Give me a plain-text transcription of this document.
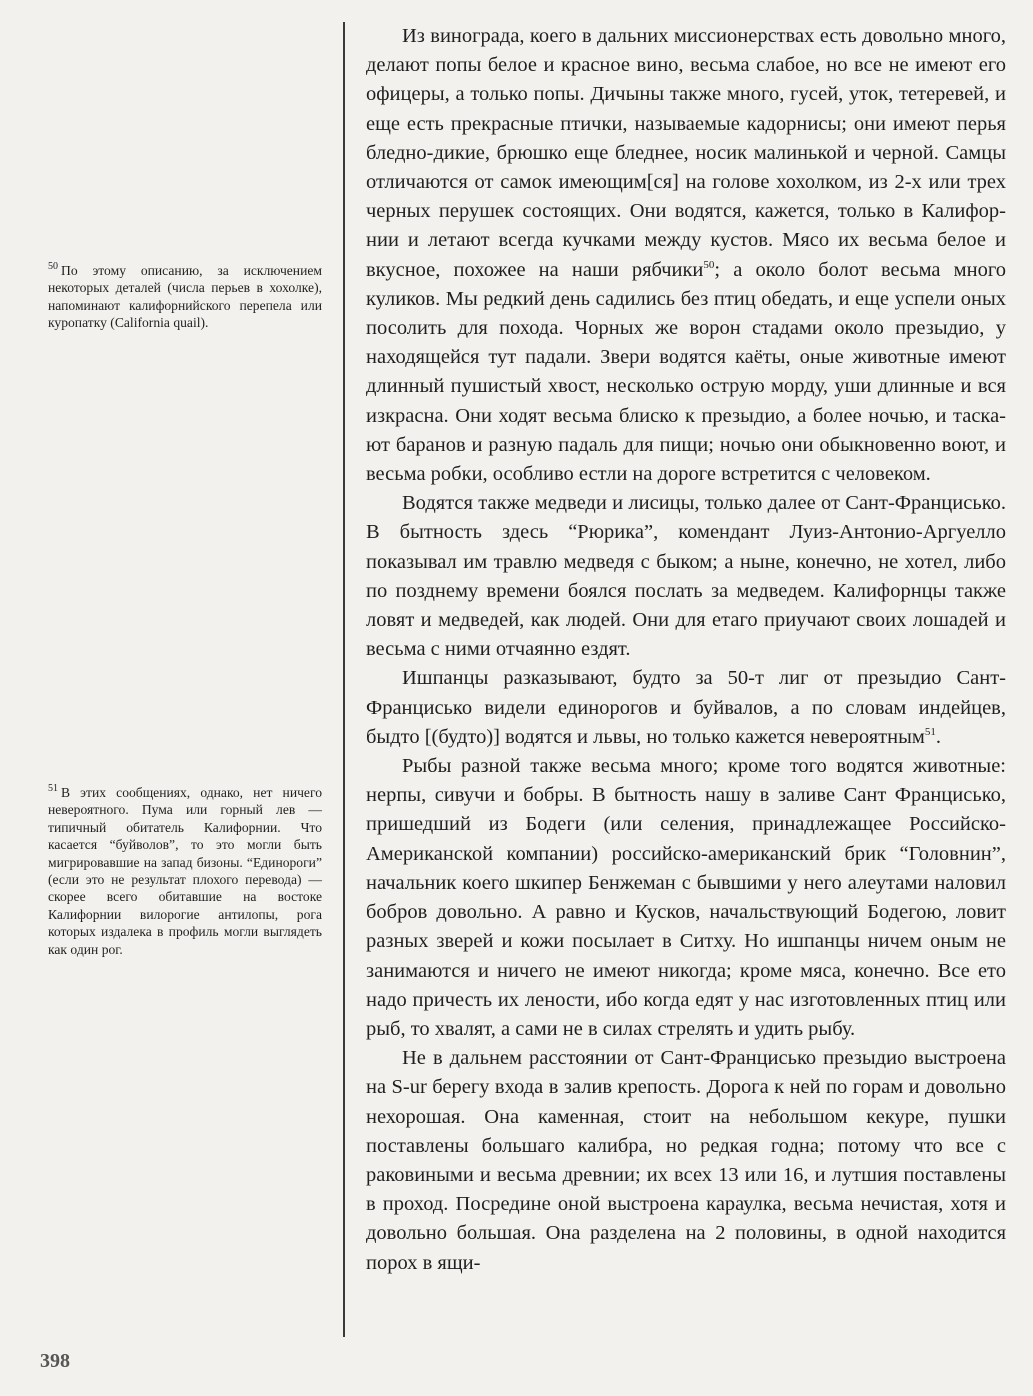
$^{50}$ По этому описанию, за исключением некоторых деталей (числа перьев в хохолке), напоминают калифорнийского перепела или куропатку (California quail).
$^{51}$ В этих сообщениях, однако, нет ничего невероятного. Пума или горный лев — типичный обитатель Калифорнии. Что касается “буйволов”, то это могли быть мигрировавшие на запад бизоны. “Единороги” (если это не результат плохого перевода) — скорее всего обитавшие на востоке Калифорнии вилорогие антилопы, рога которых издалека в профиль могли выглядеть как один рог.

Из винограда, коего в дальних миссионерствах есть довольно много, делают попы белое и красное вино, весьма слабое, но все не имеют его офицеры, а только попы. Дичыны также много, гусей, уток, тетеревей, и еще есть прекрасные птички, называемые кадорнисы; они имеют перья бледно-дикие, брюшко еще бледнее, носик малинькой и черной. Самцы отличаются от самок имеющим[ся] на голове хохолком, из 2-х или трех черных перушек состоящих. Они водятся, кажется, только в Калифорнии и летают всегда кучками между кустов. Мясо их весьма белое и вкусное, похожее на наши рябчики$^{50}$; а около болот весьма много куликов. Мы редкий день садились без птиц обедать, и еще успели оных посолить для похода. Чорных же ворон стадами около презыдио, у находящейся тут падали. Звери водятся каёты, оные животные имеют длинный пушистый хвост, несколько острую морду, уши длинные и вся изкрасна. Они ходят весьма блиско к презыдио, а более ночью, и таскают баранов и разную падаль для пищи; ночью они обыкновенно воют, и весьма робки, особливо естли на дороге встретится с человеком.

Водятся также медведи и лисицы, только далее от Сант-Францисько. В бытность здесь “Рюрика”, комендант Луиз-Антонио-Аргуелло показывал им травлю медведя с быком; а ныне, конечно, не хотел, либо по позднему времени боялся послать за медведем. Калифорнцы также ловят и медведей, как людей. Они для етаго приучают своих лошадей и весьма с ними отчаянно ездят.

Ишпанцы разказывают, будто за 50-т лиг от презыдио Сант-Францисько видели единорогов и буйвалов, а по словам индейцев, быдто [(будто)] водятся и львы, но только кажется невероятным$^{51}$.

Рыбы разной также весьма много; кроме того водятся животные: нерпы, сивучи и бобры. В бытность нашу в заливе Сант Францисько, пришедший из Бодеги (или селения, принадлежащее Российско-Американской компании) российско-американский брик “Головнин”, начальник коего шкипер Бенжеман с бывшими у него алеутами наловил бобров довольно. А равно и Кусков, начальствующий Бодегою, ловит разных зверей и кожи посылает в Ситху. Но ишпанцы ничем оным не занимаются и ничего не имеют никогда; кроме мяса, конечно. Все ето надо причесть их лености, ибо когда едят у нас изготовленных птиц или рыб, то хвалят, а сами не в силах стрелять и удить рыбу.

Не в дальнем расстоянии от Сант-Францисько презыдио выстроена на S-ur берегу входа в залив крепость. Дорога к ней по горам и довольно нехорошая. Она каменная, стоит на небольшом кекуре, пушки поставлены большаго калибра, но редкая годна; потому что все с раковиными и весьма древнии; их всех 13 или 16, и лутшия поставлены в проход. Посредине оной выстроена караулка, весьма нечистая, хотя и довольно большая. Она разделена на 2 половины, в одной находится порох в ящи-

398
